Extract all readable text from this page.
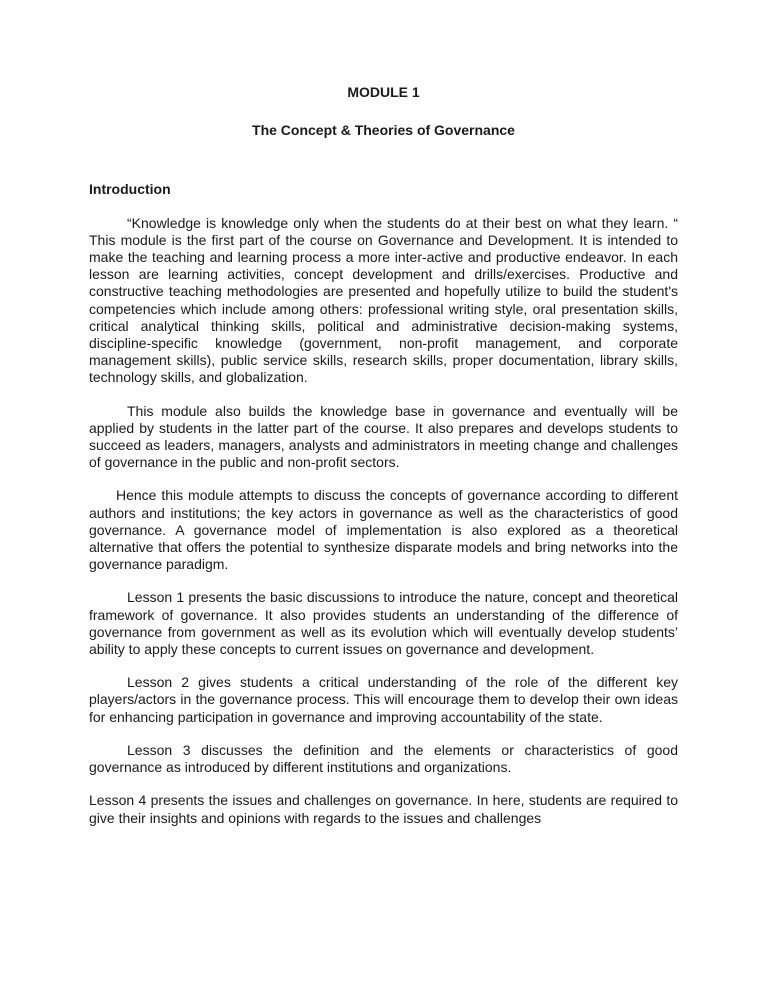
MODULE 1
The Concept & Theories of Governance
Introduction

“Knowledge is knowledge only when the students do at their best on what they learn. “ This module is the first part of the course on Governance and Development. It is intended to make the teaching and learning process a more inter-active and productive endeavor. In each lesson are learning activities, concept development and drills/exercises. Productive and constructive teaching methodologies are presented and hopefully utilize to build the student's competencies which include among others: professional writing style, oral presentation skills, critical analytical thinking skills, political and administrative decision-making systems, discipline-specific knowledge (government, non-profit management, and corporate management skills), public service skills, research skills, proper documentation, library skills, technology skills, and globalization.

This module also builds the knowledge base in governance and eventually will be applied by students in the latter part of the course. It also prepares and develops students to succeed as leaders, managers, analysts and administrators in meeting change and challenges of governance in the public and non-profit sectors.

Hence this module attempts to discuss the concepts of governance according to different authors and institutions; the key actors in governance as well as the characteristics of good governance. A governance model of implementation is also explored as a theoretical alternative that offers the potential to synthesize disparate models and bring networks into the governance paradigm.

Lesson 1 presents the basic discussions to introduce the nature, concept and theoretical framework of governance. It also provides students an understanding of the difference of governance from government as well as its evolution which will eventually develop students’ ability to apply these concepts to current issues on governance and development.

Lesson 2 gives students a critical understanding of the role of the different key players/actors in the governance process. This will encourage them to develop their own ideas for enhancing participation in governance and improving accountability of the state.

Lesson 3 discusses the definition and the elements or characteristics of good governance as introduced by different institutions and organizations.

Lesson 4 presents the issues and challenges on governance. In here, students are required to give their insights and opinions with regards to the issues and challenges
